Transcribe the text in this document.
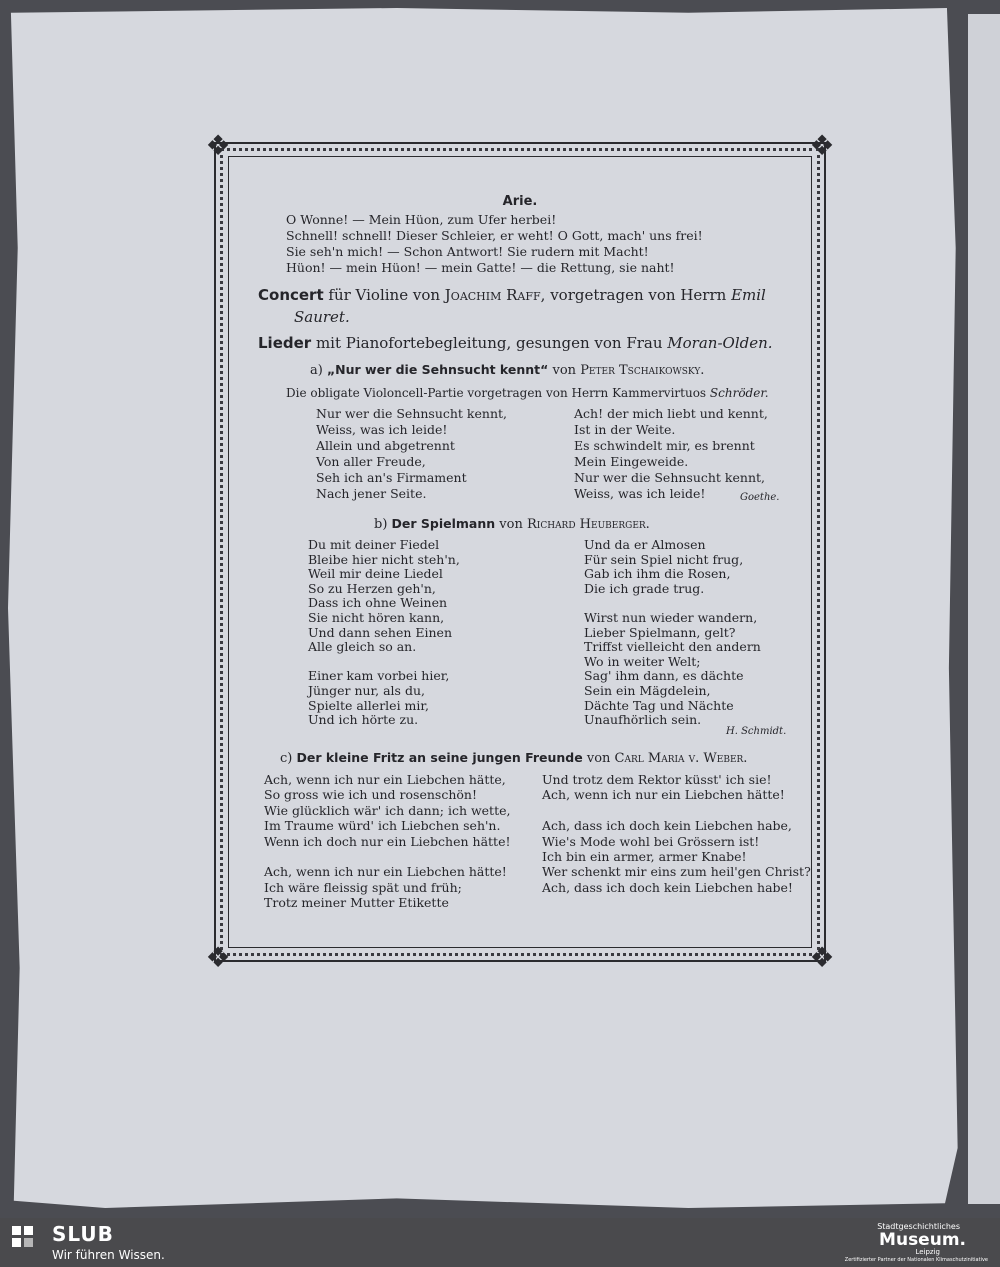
❖	❖
❖	❖
Arie.
O Wonne! — Mein Hüon, zum Ufer herbei!
Schnell! schnell! Dieser Schleier, er weht! O Gott, mach' uns frei!
Sie seh'n mich! — Schon Antwort! Sie rudern mit Macht!
Hüon! — mein Hüon! — mein Gatte! — die Rettung, sie naht!
Concert für Violine von Joachim Raff, vorgetragen von Herrn Emil
Sauret.
Lieder mit Pianofortebegleitung, gesungen von Frau Moran-Olden.
a) „Nur wer die Sehnsucht kennt“ von Peter Tschaikowsky.
Die obligate Violoncell-Partie vorgetragen von Herrn Kammervirtuos Schröder.
Nur wer die Sehnsucht kennt,
Weiss, was ich leide!
Allein und abgetrennt
Von aller Freude,
Seh ich an's Firmament
Nach jener Seite.
Ach! der mich liebt und kennt,
Ist in der Weite.
Es schwindelt mir, es brennt
Mein Eingeweide.
Nur wer die Sehnsucht kennt,
Weiss, was ich leide!	Goethe.
b) Der Spielmann von Richard Heuberger.
Du mit deiner Fiedel
Bleibe hier nicht steh'n,
Weil mir deine Liedel
So zu Herzen geh'n,
Dass ich ohne Weinen
Sie nicht hören kann,
Und dann sehen Einen
Alle gleich so an.

Einer kam vorbei hier,
Jünger nur, als du,
Spielte allerlei mir,
Und ich hörte zu.
Und da er Almosen
Für sein Spiel nicht frug,
Gab ich ihm die Rosen,
Die ich grade trug.

Wirst nun wieder wandern,
Lieber Spielmann, gelt?
Triffst vielleicht den andern
Wo in weiter Welt;
Sag' ihm dann, es dächte
Sein ein Mägdelein,
Dächte Tag und Nächte
Unaufhörlich sein.
H. Schmidt.
c) Der kleine Fritz an seine jungen Freunde von Carl Maria v. Weber.
Ach, wenn ich nur ein Liebchen hätte,
So gross wie ich und rosenschön!
Wie glücklich wär' ich dann; ich wette,
Im Traume würd' ich Liebchen seh'n.
Wenn ich doch nur ein Liebchen hätte!

Ach, wenn ich nur ein Liebchen hätte!
Ich wäre fleissig spät und früh;
Trotz meiner Mutter Etikette
Und trotz dem Rektor küsst' ich sie!
Ach, wenn ich nur ein Liebchen hätte!

Ach, dass ich doch kein Liebchen habe,
Wie's Mode wohl bei Grössern ist!
Ich bin ein armer, armer Knabe!
Wer schenkt mir eins zum heil'gen Christ?
Ach, dass ich doch kein Liebchen habe!
SLUB
Wir führen Wissen.
Stadtgeschichtliches
Museum.
Leipzig
Zertifizierter Partner der Nationalen Klimaschutzinitiative
